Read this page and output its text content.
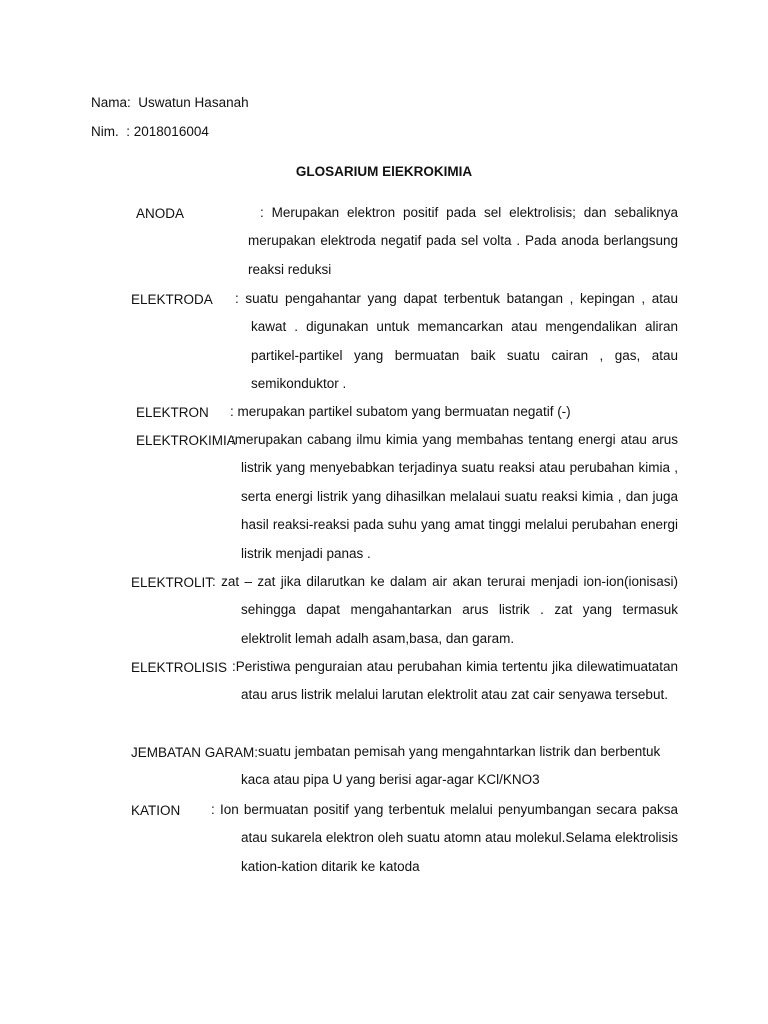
Nama: Uswatun Hasanah
Nim. : 2018016004
GLOSARIUM ElEKROKIMIA
ANODA	: Merupakan elektron positif pada sel elektrolisis; dan sebaliknya merupakan elektroda negatif pada sel volta . Pada anoda berlangsung reaksi reduksi
ELEKTRODA : suatu pengahantar yang dapat terbentuk batangan , kepingan , atau kawat . digunakan untuk memancarkan atau mengendalikan aliran partikel-partikel yang bermuatan baik suatu cairan , gas, atau semikonduktor .
ELEKTRON : merupakan partikel subatom yang bermuatan negatif (-)
ELEKTROKIMIA
:merupakan cabang ilmu kimia yang membahas tentang energi atau arus listrik yang menyebabkan terjadinya suatu reaksi atau perubahan kimia , serta energi listrik yang dihasilkan melalaui suatu reaksi kimia , dan juga hasil reaksi-reaksi pada suhu yang amat tinggi melalui perubahan energi listrik menjadi panas .
ELEKTROLIT
: zat – zat jika dilarutkan ke dalam air akan terurai menjadi ion-ion(ionisasi) sehingga dapat mengahantarkan arus listrik . zat yang termasuk elektrolit lemah adalh asam,basa, dan garam.
ELEKTROLISIS :Peristiwa penguraian atau perubahan kimia tertentu jika dilewatimuatatan atau arus listrik melalui larutan elektrolit atau zat cair senyawa tersebut.
JEMBATAN GARAM: suatu jembatan pemisah yang mengahntarkan listrik dan berbentuk kaca atau pipa U yang berisi agar-agar KCl/KNO3
KATION : Ion bermuatan positif yang terbentuk melalui penyumbangan secara paksa atau sukarela elektron oleh suatu atomn atau molekul.Selama elektrolisis kation-kation ditarik ke katoda
